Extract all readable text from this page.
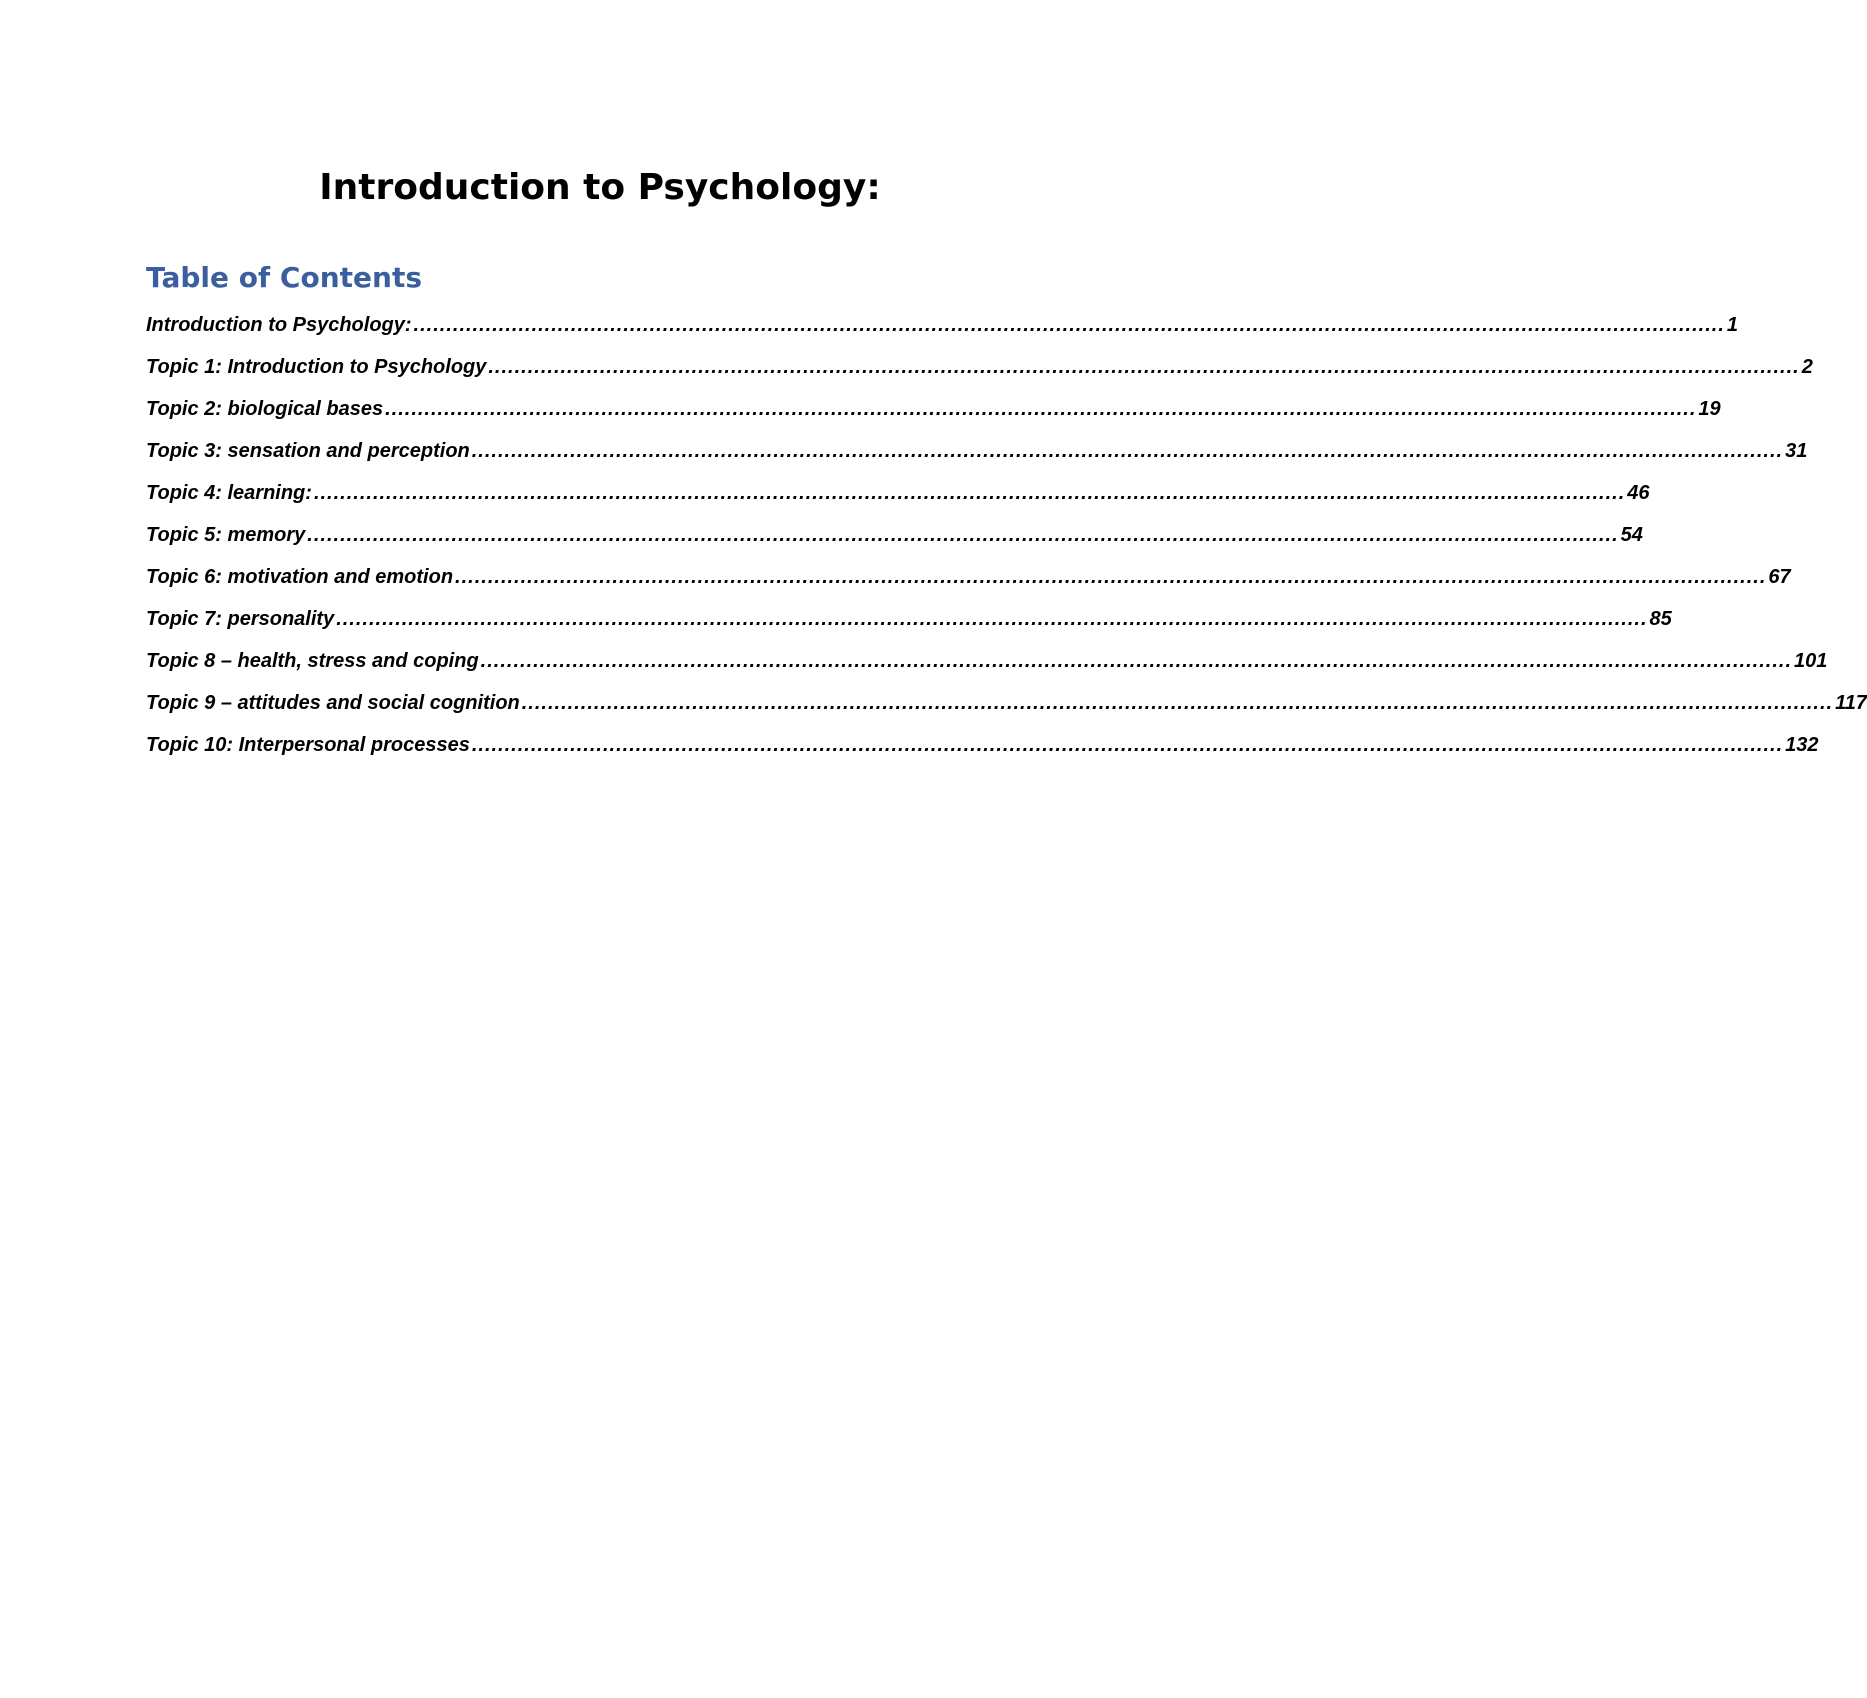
Introduction to Psychology:
Table of Contents
Introduction to Psychology: ........................................................................................................................................................................................................ 1
Topic 1: Introduction to Psychology ........................................................................................................................................................................................................ 2
Topic 2: biological bases ........................................................................................................................................................................................................ 19
Topic 3: sensation and perception ........................................................................................................................................................................................................ 31
Topic 4: learning: ........................................................................................................................................................................................................ 46
Topic 5: memory ........................................................................................................................................................................................................ 54
Topic 6: motivation and emotion ........................................................................................................................................................................................................ 67
Topic 7: personality ........................................................................................................................................................................................................ 85
Topic 8 – health, stress and coping ........................................................................................................................................................................................................ 101
Topic 9 – attitudes and social cognition ........................................................................................................................................................................................................ 117
Topic 10: Interpersonal processes ........................................................................................................................................................................................................ 132
